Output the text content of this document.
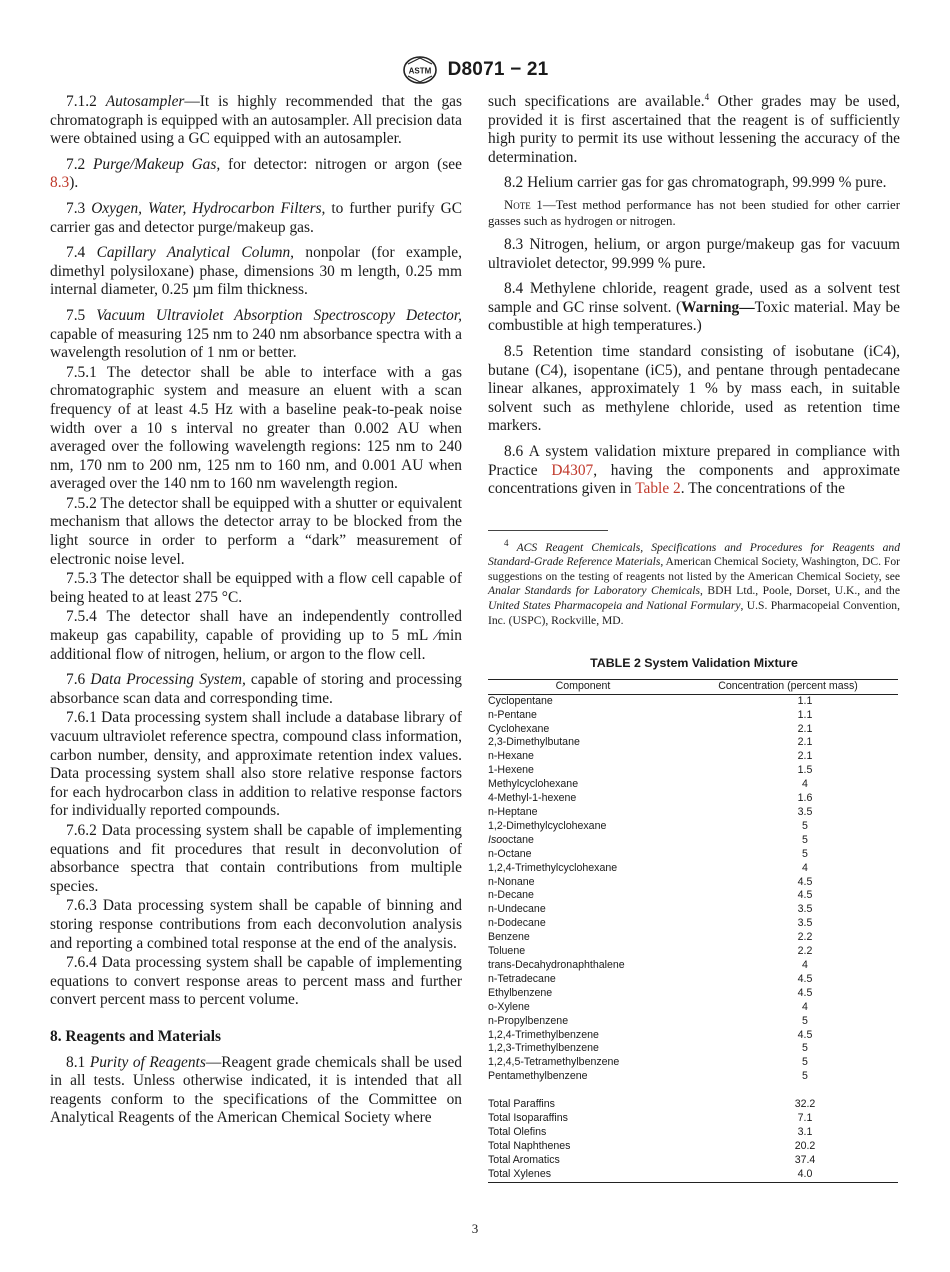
ASTM D8071 − 21

7.1.2 Autosampler—It is highly recommended that the gas chromatograph is equipped with an autosampler. All precision data were obtained using a GC equipped with an autosampler.

7.2 Purge/Makeup Gas, for detector: nitrogen or argon (see 8.3).

7.3 Oxygen, Water, Hydrocarbon Filters, to further purify GC carrier gas and detector purge/makeup gas.

7.4 Capillary Analytical Column, nonpolar (for example, dimethyl polysiloxane) phase, dimensions 30 m length, 0.25 mm internal diameter, 0.25 µm film thickness.

7.5 Vacuum Ultraviolet Absorption Spectroscopy Detector, capable of measuring 125 nm to 240 nm absorbance spectra with a wavelength resolution of 1 nm or better.

7.5.1 The detector shall be able to interface with a gas chromatographic system and measure an eluent with a scan frequency of at least 4.5 Hz with a baseline peak-to-peak noise width over a 10 s interval no greater than 0.002 AU when averaged over the following wavelength regions: 125 nm to 240 nm, 170 nm to 200 nm, 125 nm to 160 nm, and 0.001 AU when averaged over the 140 nm to 160 nm wavelength region.

7.5.2 The detector shall be equipped with a shutter or equivalent mechanism that allows the detector array to be blocked from the light source in order to perform a “dark” measurement of electronic noise level.

7.5.3 The detector shall be equipped with a flow cell capable of being heated to at least 275 °C.

7.5.4 The detector shall have an independently controlled makeup gas capability, capable of providing up to 5 mL ⁄min additional flow of nitrogen, helium, or argon to the flow cell.

7.6 Data Processing System, capable of storing and processing absorbance scan data and corresponding time.

7.6.1 Data processing system shall include a database library of vacuum ultraviolet reference spectra, compound class information, carbon number, density, and approximate retention index values. Data processing system shall also store relative response factors for each hydrocarbon class in addition to relative response factors for individually reported compounds.

7.6.2 Data processing system shall be capable of implementing equations and fit procedures that result in deconvolution of absorbance spectra that contain contributions from multiple species.

7.6.3 Data processing system shall be capable of binning and storing response contributions from each deconvolution analysis and reporting a combined total response at the end of the analysis.

7.6.4 Data processing system shall be capable of implementing equations to convert response areas to percent mass and further convert percent mass to percent volume.

8. Reagents and Materials

8.1 Purity of Reagents—Reagent grade chemicals shall be used in all tests. Unless otherwise indicated, it is intended that all reagents conform to the specifications of the Committee on Analytical Reagents of the American Chemical Society where

such specifications are available.$^4$ Other grades may be used, provided it is first ascertained that the reagent is of sufficiently high purity to permit its use without lessening the accuracy of the determination.

8.2 Helium carrier gas for gas chromatograph, 99.999 % pure.

Note 1—Test method performance has not been studied for other carrier gasses such as hydrogen or nitrogen.

8.3 Nitrogen, helium, or argon purge/makeup gas for vacuum ultraviolet detector, 99.999 % pure.

8.4 Methylene chloride, reagent grade, used as a solvent test sample and GC rinse solvent. (Warning—Toxic material. May be combustible at high temperatures.)

8.5 Retention time standard consisting of isobutane (iC4), butane (C4), isopentane (iC5), and pentane through pentadecane linear alkanes, approximately 1 % by mass each, in suitable solvent such as methylene chloride, used as retention time markers.

8.6 A system validation mixture prepared in compliance with Practice D4307, having the components and approximate concentrations given in Table 2. The concentrations of the

$^4$ ACS Reagent Chemicals, Specifications and Procedures for Reagents and Standard-Grade Reference Materials, American Chemical Society, Washington, DC. For suggestions on the testing of reagents not listed by the American Chemical Society, see Analar Standards for Laboratory Chemicals, BDH Ltd., Poole, Dorset, U.K., and the United States Pharmacopeia and National Formulary, U.S. Pharmacopeial Convention, Inc. (USPC), Rockville, MD.

TABLE 2 System Validation Mixture
Component	Concentration (percent mass)
Cyclopentane	1.1
n-Pentane	1.1
Cyclohexane	2.1
2,3-Dimethylbutane	2.1
n-Hexane	2.1
1-Hexene	1.5
Methylcyclohexane	4
4-Methyl-1-hexene	1.6
n-Heptane	3.5
1,2-Dimethylcyclohexane	5
Isooctane	5
n-Octane	5
1,2,4-Trimethylcyclohexane	4
n-Nonane	4.5
n-Decane	4.5
n-Undecane	3.5
n-Dodecane	3.5
Benzene	2.2
Toluene	2.2
trans-Decahydronaphthalene	4
n-Tetradecane	4.5
Ethylbenzene	4.5
o-Xylene	4
n-Propylbenzene	5
1,2,4-Trimethylbenzene	4.5
1,2,3-Trimethylbenzene	5
1,2,4,5-Tetramethylbenzene	5
Pentamethylbenzene	5
Total Paraffins	32.2
Total Isoparaffins	7.1
Total Olefins	3.1
Total Naphthenes	20.2
Total Aromatics	37.4
Total Xylenes	4.0
3
